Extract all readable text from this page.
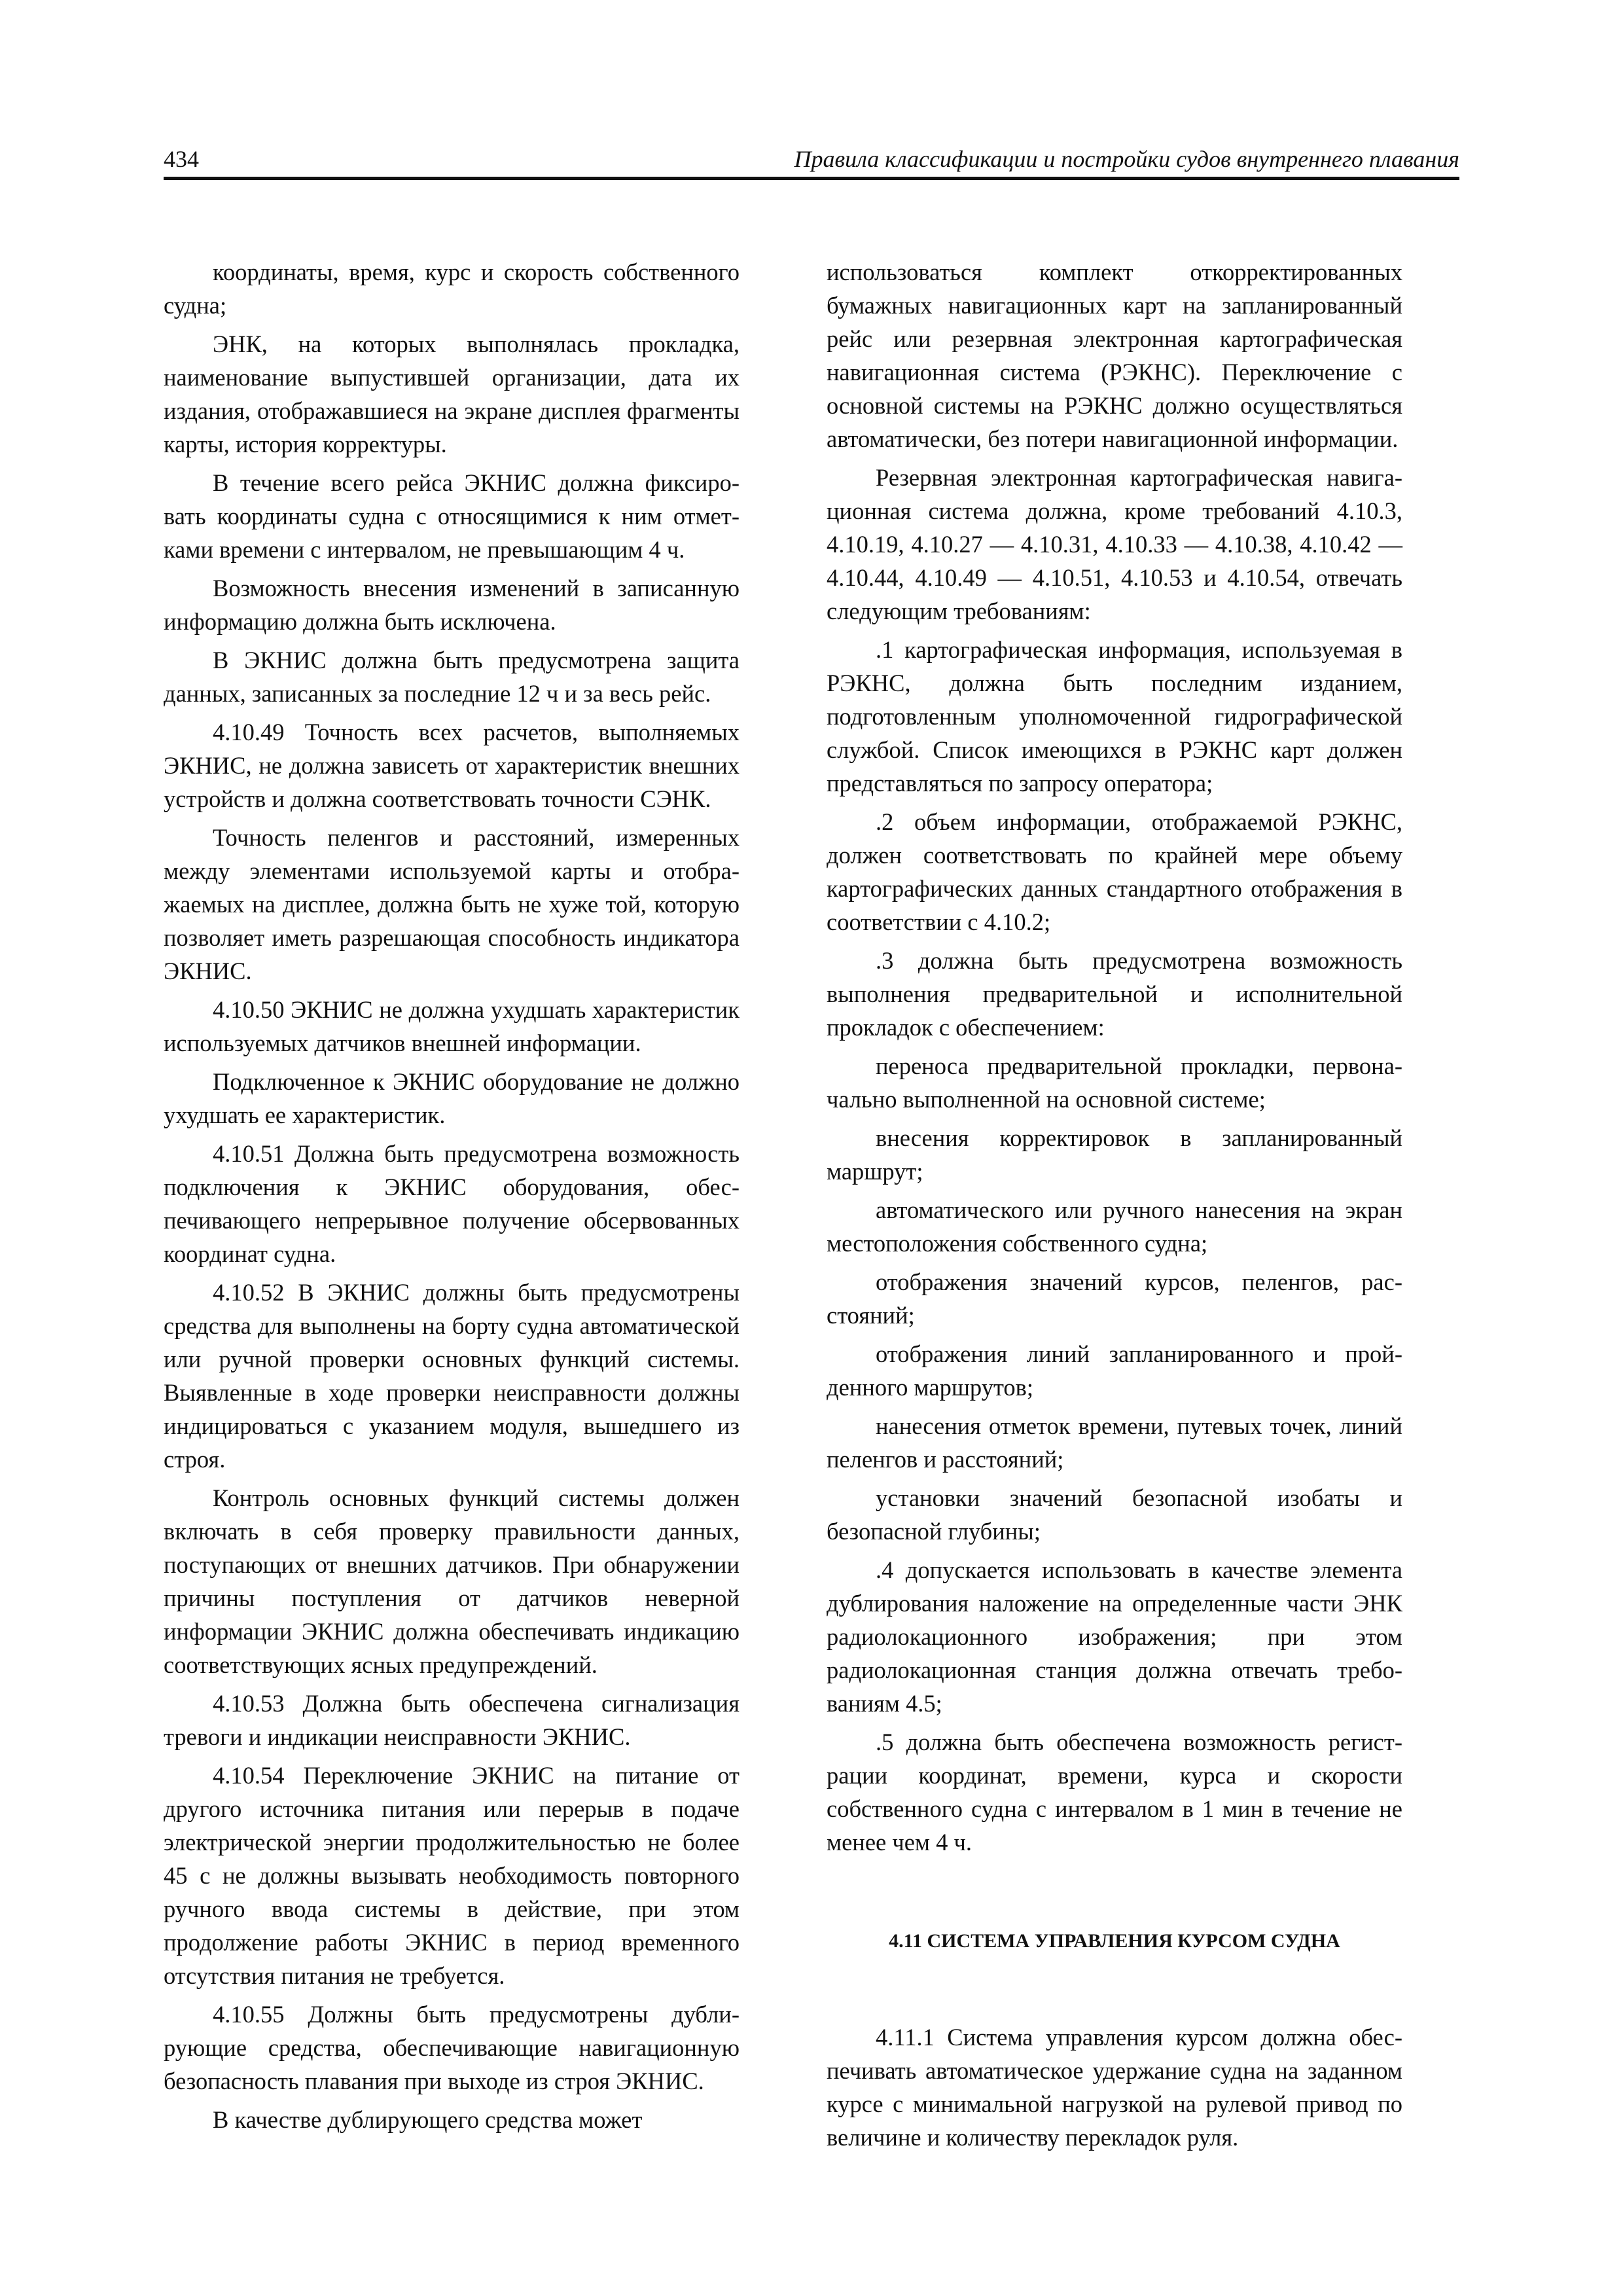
434	Правила классификации и постройки судов внутреннего плавания

координаты, время, курс и скорость собственного судна;

ЭНК, на которых выполнялась прокладка, наименование выпустившей организации, дата их издания, отображавшиеся на экране дисплея фрагменты карты, история корректуры.

В течение всего рейса ЭКНИС должна фиксировать координаты судна с относящимися к ним отметками времени с интервалом, не превышающим 4 ч.

Возможность внесения изменений в записанную информацию должна быть исключена.

В ЭКНИС должна быть предусмотрена защита данных, записанных за последние 12 ч и за весь рейс.

4.10.49 Точность всех расчетов, выполняемых ЭКНИС, не должна зависеть от характеристик внешних устройств и должна соответствовать точности СЭНК.

Точность пеленгов и расстояний, измеренных между элементами используемой карты и отображаемых на дисплее, должна быть не хуже той, которую позволяет иметь разрешающая способность индикатора ЭКНИС.

4.10.50 ЭКНИС не должна ухудшать характеристик используемых датчиков внешней информации.

Подключенное к ЭКНИС оборудование не должно ухудшать ее характеристик.

4.10.51 Должна быть предусмотрена возможность подключения к ЭКНИС оборудования, обеспечивающего непрерывное получение обсервованных координат судна.

4.10.52 В ЭКНИС должны быть предусмотрены средства для выполнены на борту судна автоматической или ручной проверки основных функций системы. Выявленные в ходе проверки неисправности должны индицироваться с указанием модуля, вышедшего из строя.

Контроль основных функций системы должен включать в себя проверку правильности данных, поступающих от внешних датчиков. При обнаружении причины поступления от датчиков неверной информации ЭКНИС должна обеспечивать индикацию соответствующих ясных предупреждений.

4.10.53 Должна быть обеспечена сигнализация тревоги и индикации неисправности ЭКНИС.

4.10.54 Переключение ЭКНИС на питание от другого источника питания или перерыв в подаче электрической энергии продолжительностью не более 45 с не должны вызывать необходимость повторного ручного ввода системы в действие, при этом продолжение работы ЭКНИС в период временного отсутствия питания не требуется.

4.10.55 Должны быть предусмотрены дублирующие средства, обеспечивающие навигационную безопасность плавания при выходе из строя ЭКНИС.

В качестве дублирующего средства может

использоваться комплект откорректированных бумажных навигационных карт на запланированный рейс или резервная электронная картографическая навигационная система (РЭКНС). Переключение с основной системы на РЭКНС должно осуществляться автоматически, без потери навигационной информации.

Резервная электронная картографическая навигационная система должна, кроме требований 4.10.3, 4.10.19, 4.10.27 — 4.10.31, 4.10.33 — 4.10.38, 4.10.42 — 4.10.44, 4.10.49 — 4.10.51, 4.10.53 и 4.10.54, отвечать следующим требованиям:

.1 картографическая информация, используемая в РЭКНС, должна быть последним изданием, подготовленным уполномоченной гидрографической службой. Список имеющихся в РЭКНС карт должен представляться по запросу оператора;

.2 объем информации, отображаемой РЭКНС, должен соответствовать по крайней мере объему картографических данных стандартного отображения в соответствии с 4.10.2;

.3 должна быть предусмотрена возможность выполнения предварительной и исполнительной прокладок с обеспечением:

переноса предварительной прокладки, первоначально выполненной на основной системе;

внесения корректировок в запланированный маршрут;

автоматического или ручного нанесения на экран местоположения собственного судна;

отображения значений курсов, пеленгов, расстояний;

отображения линий запланированного и пройденного маршрутов;

нанесения отметок времени, путевых точек, линий пеленгов и расстояний;

установки значений безопасной изобаты и безопасной глубины;

.4 допускается использовать в качестве элемента дублирования наложение на определенные части ЭНК радиолокационного изображения; при этом радиолокационная станция должна отвечать требованиям 4.5;

.5 должна быть обеспечена возможность регистрации координат, времени, курса и скорости собственного судна с интервалом в 1 мин в течение не менее чем 4 ч.

4.11 СИСТЕМА УПРАВЛЕНИЯ КУРСОМ СУДНА

4.11.1 Система управления курсом должна обеспечивать автоматическое удержание судна на заданном курсе с минимальной нагрузкой на рулевой привод по величине и количеству перекладок руля.
